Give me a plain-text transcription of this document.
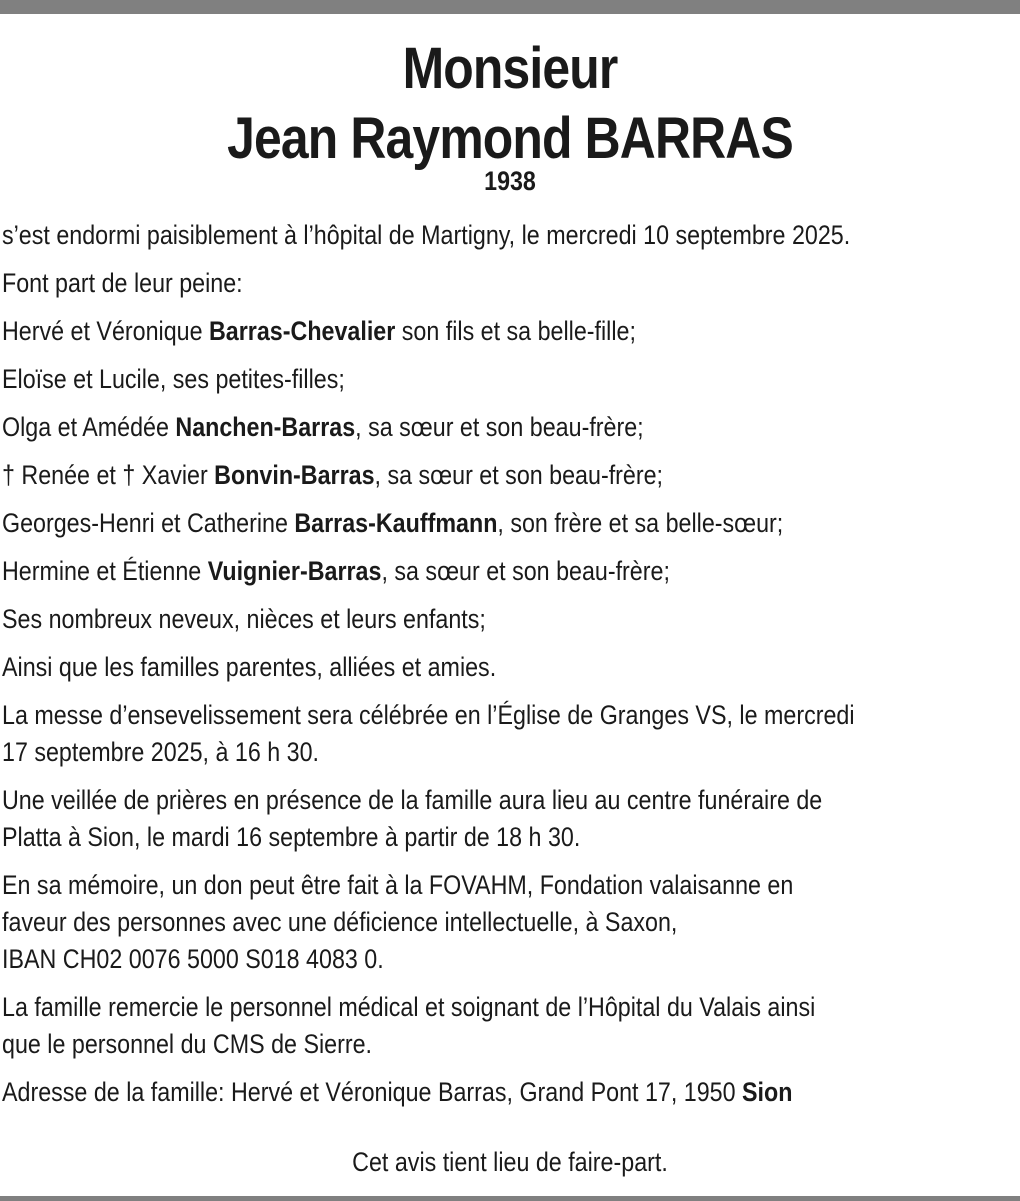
Monsieur
Jean Raymond BARRAS
1938
s’est endormi paisiblement à l’hôpital de Martigny, le mercredi 10 septembre 2025.
Font part de leur peine:
Hervé et Véronique Barras-Chevalier son fils et sa belle-fille;
Eloïse et Lucile, ses petites-filles;
Olga et Amédée Nanchen-Barras, sa sœur et son beau-frère;
† Renée et † Xavier Bonvin-Barras, sa sœur et son beau-frère;
Georges-Henri et Catherine Barras-Kauffmann, son frère et sa belle-sœur;
Hermine et Étienne Vuignier-Barras, sa sœur et son beau-frère;
Ses nombreux neveux, nièces et leurs enfants;
Ainsi que les familles parentes, alliées et amies.
La messe d’ensevelissement sera célébrée en l’Église de Granges VS, le mercredi
17 septembre 2025, à 16 h 30.
Une veillée de prières en présence de la famille aura lieu au centre funéraire de
Platta à Sion, le mardi 16 septembre à partir de 18 h 30.
En sa mémoire, un don peut être fait à la FOVAHM, Fondation valaisanne en
faveur des personnes avec une déficience intellectuelle, à Saxon,
IBAN CH02 0076 5000 S018 4083 0.
La famille remercie le personnel médical et soignant de l’Hôpital du Valais ainsi
que le personnel du CMS de Sierre.
Adresse de la famille: Hervé et Véronique Barras, Grand Pont 17, 1950 Sion
Cet avis tient lieu de faire-part.
